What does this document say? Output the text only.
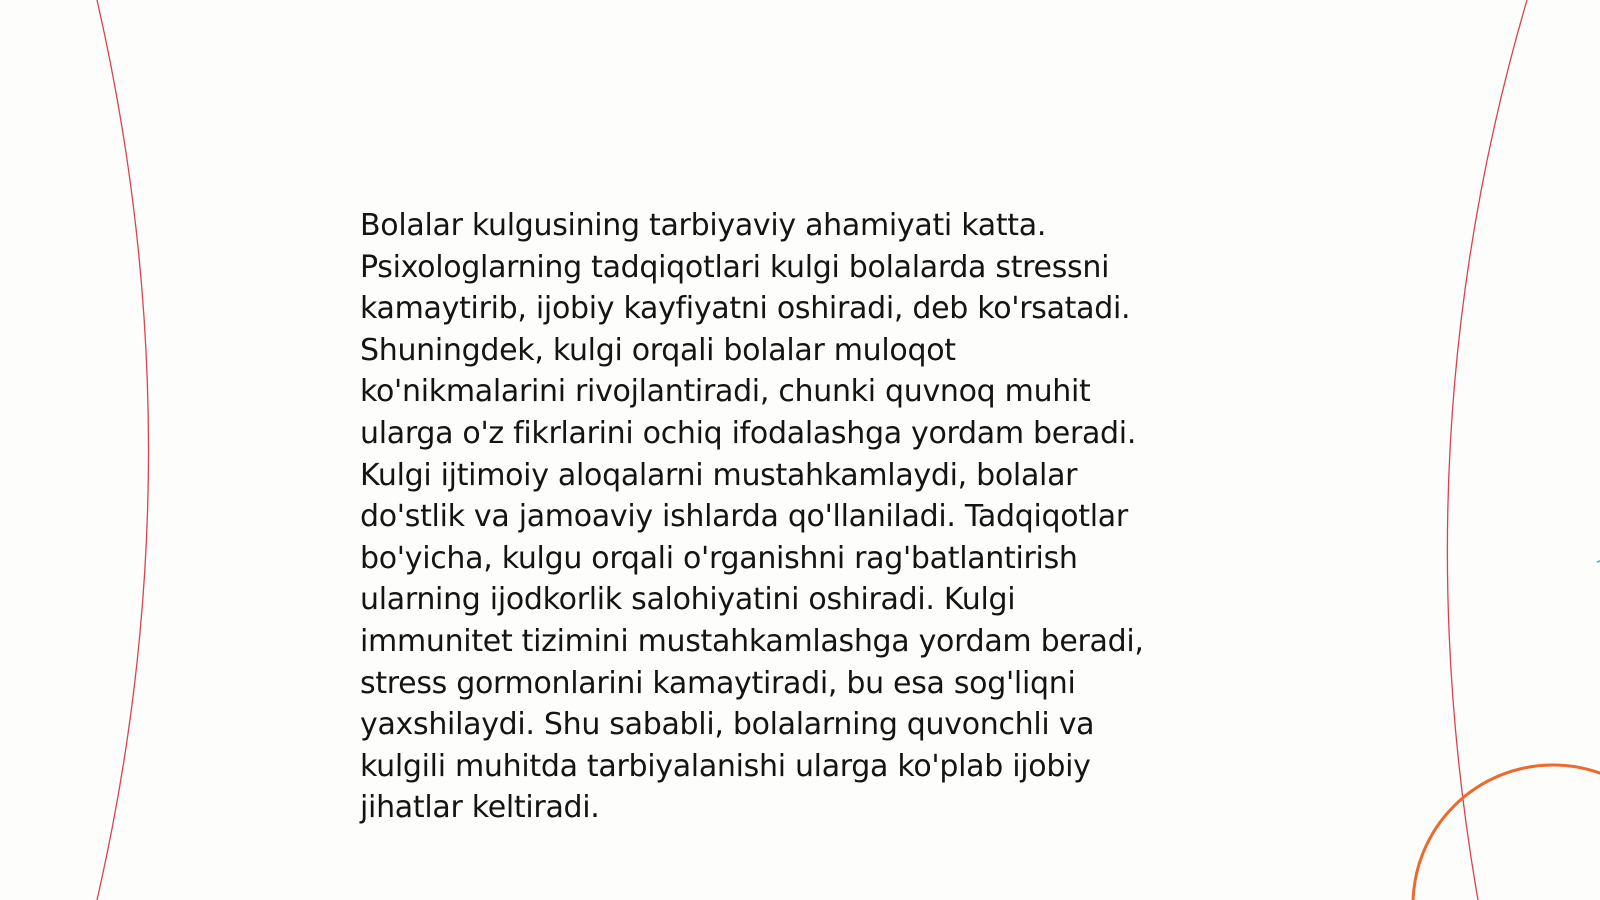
Bolalar kulgusining tarbiyaviy ahamiyati katta.
Psixologlarning tadqiqotlari kulgi bolalarda stressni
kamaytirib, ijobiy kayfiyatni oshiradi, deb ko'rsatadi.
Shuningdek, kulgi orqali bolalar muloqot
ko'nikmalarini rivojlantiradi, chunki quvnoq muhit
ularga o'z fikrlarini ochiq ifodalashga yordam beradi.
Kulgi ijtimoiy aloqalarni mustahkamlaydi, bolalar
do'stlik va jamoaviy ishlarda qo'llaniladi. Tadqiqotlar
bo'yicha, kulgu orqali o'rganishni rag'batlantirish
ularning ijodkorlik salohiyatini oshiradi. Kulgi
immunitet tizimini mustahkamlashga yordam beradi,
stress gormonlarini kamaytiradi, bu esa sog'liqni
yaxshilaydi. Shu sababli, bolalarning quvonchli va
kulgili muhitda tarbiyalanishi ularga ko'plab ijobiy
jihatlar keltiradi.
